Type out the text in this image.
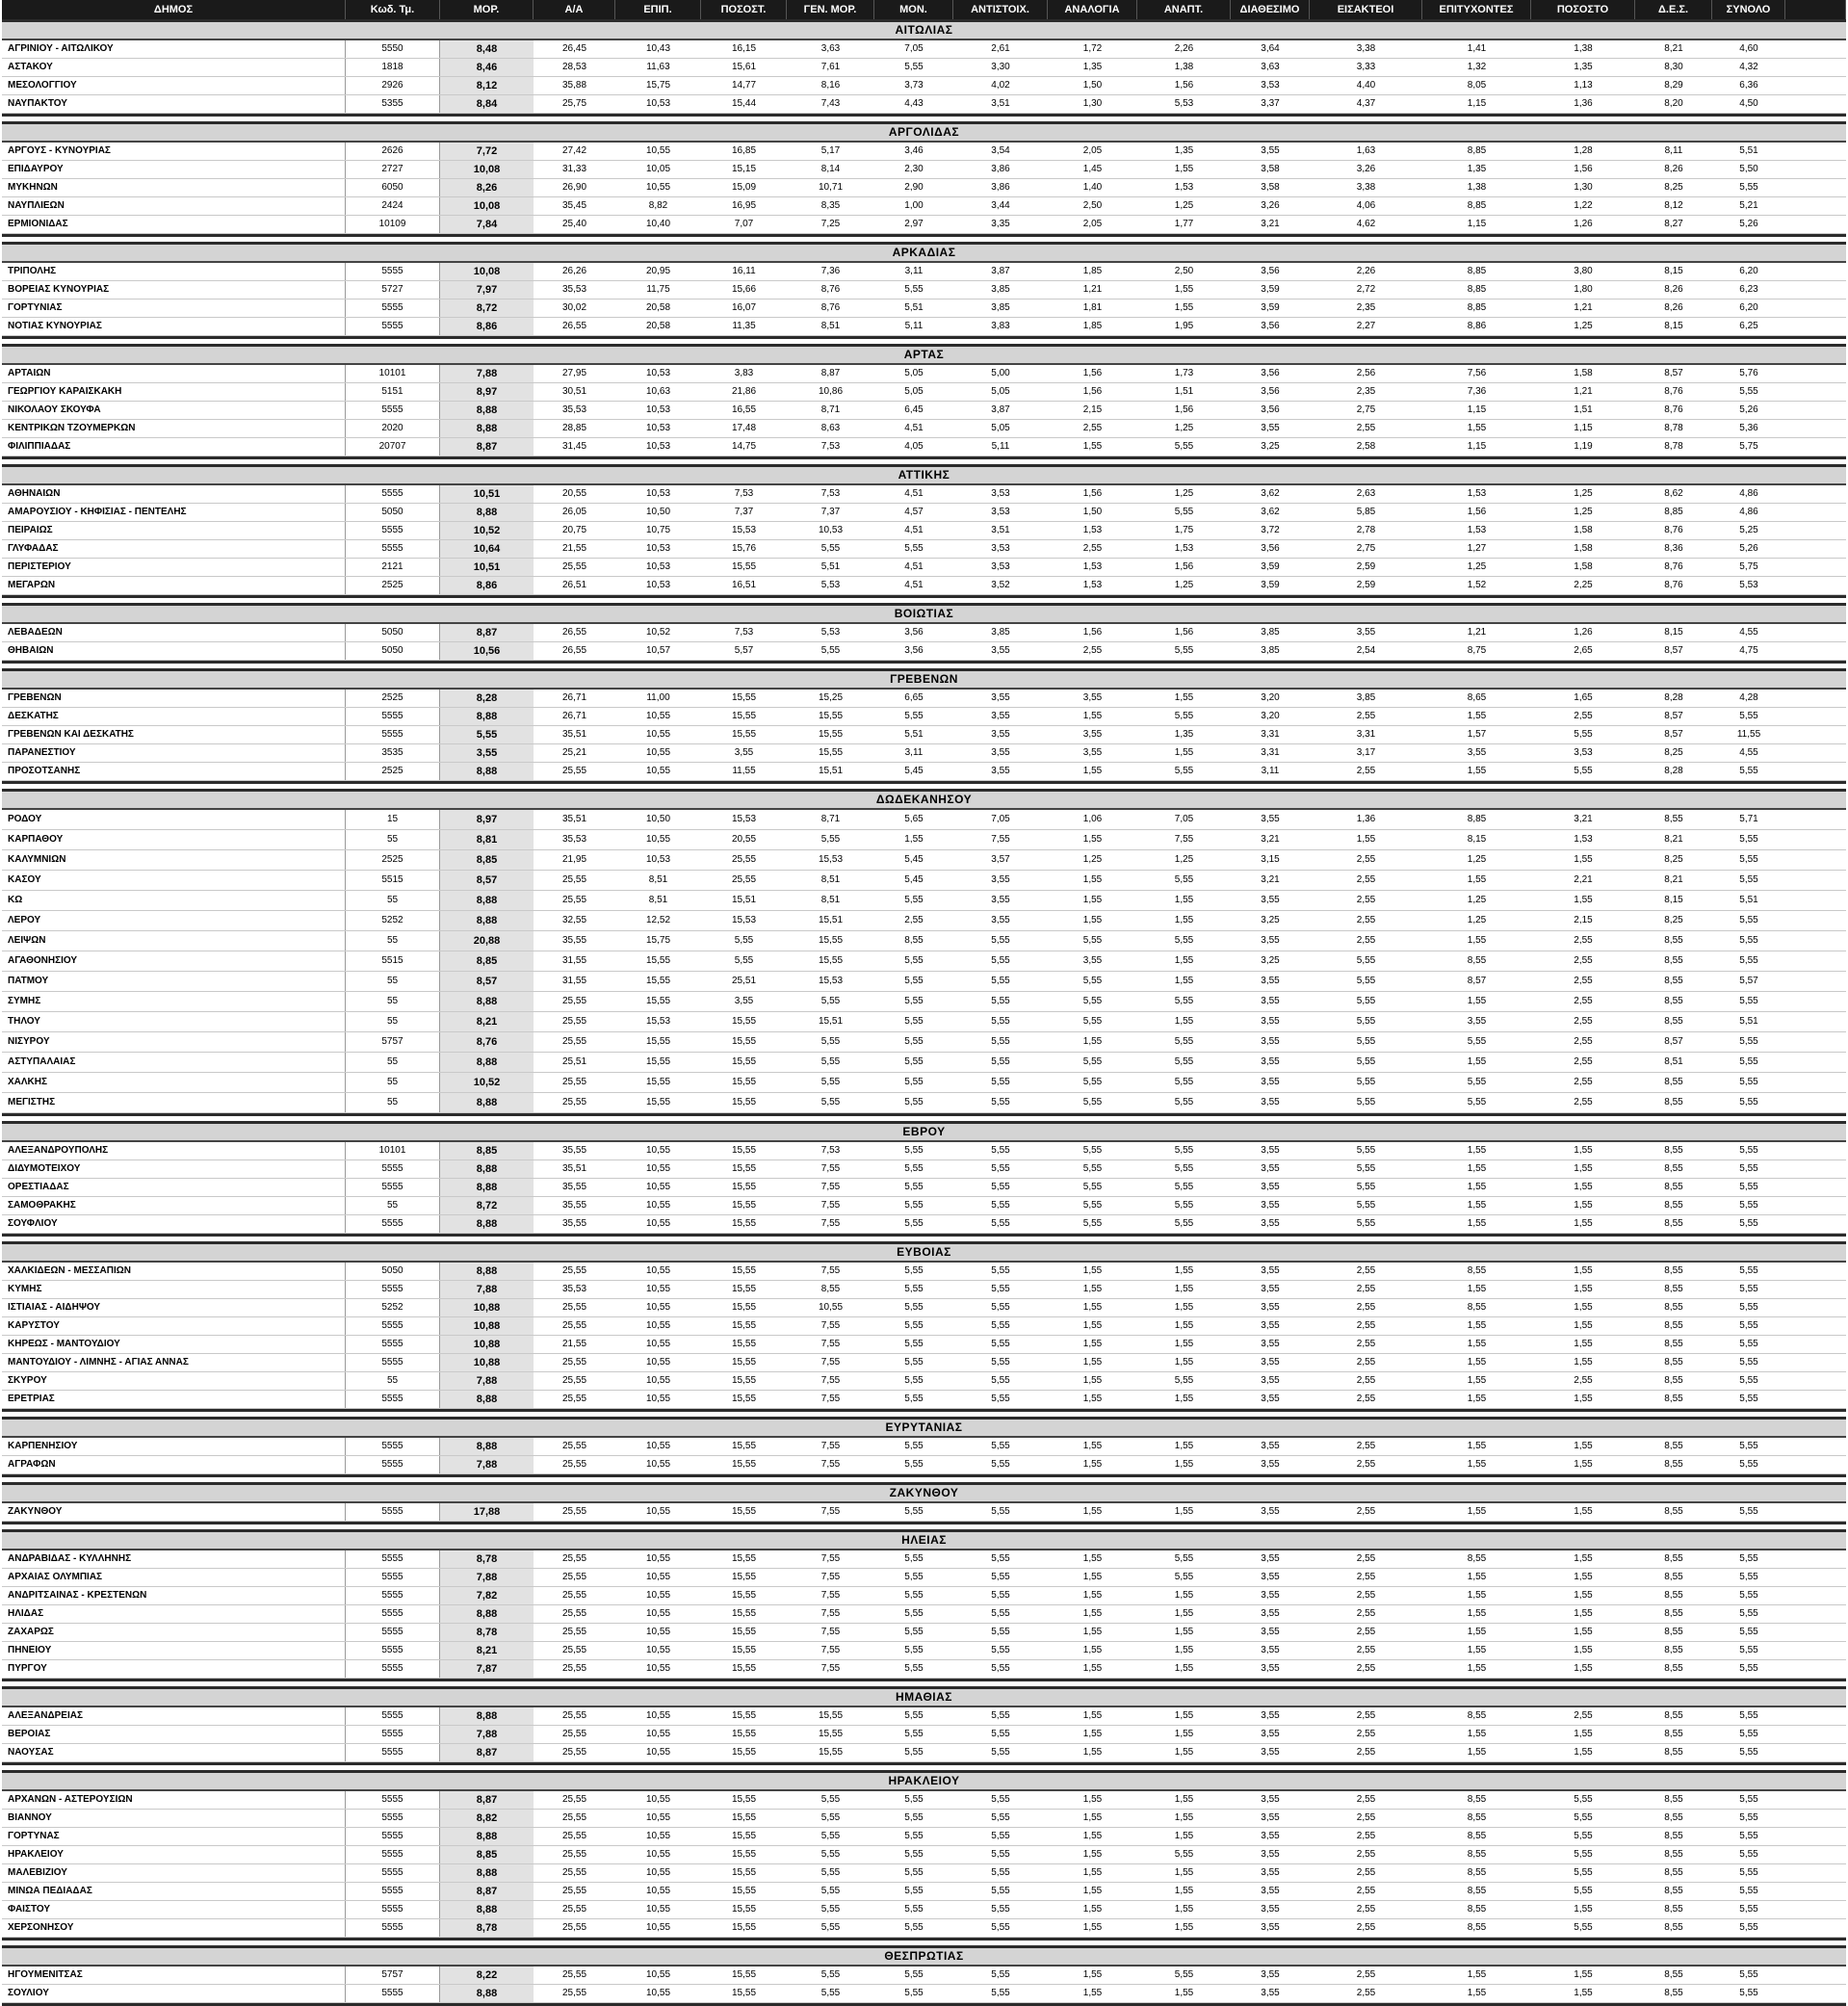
ΔΗΜΟΣ	Κωδ. Τμ.	ΜΟΡ.	Α/Α	ΕΠΙΠ.	ΠΟΣΟΣΤ.	ΓΕΝ. ΜΟΡ.	ΜΟΝ.	ΑΝΤΙΣΤΟΙΧ.	ΑΝΑΛΟΓΙΑ	ΑΝΑΠΤ.	ΔΙΑΘΕΣΙΜΟ	ΕΙΣΑΚΤΕΟΙ	ΕΠΙΤΥΧΟΝΤΕΣ	ΠΟΣΟΣΤΟ	Δ.Ε.Σ.	ΣΥΝΟΛΟ
ΑΙΤΩΛΙΑΣ
ΑΓΡΙΝΙΟΥ - ΑΙΤΩΛΙΚΟΥ	5550	8,48	26,45	10,43	16,15	3,63	7,05	2,61	1,72	2,26	3,64	3,38	1,41	1,38	8,21	4,60
ΑΣΤΑΚΟΥ	1818	8,46	28,53	11,63	15,61	7,61	5,55	3,30	1,35	1,38	3,63	3,33	1,32	1,35	8,30	4,32
ΜΕΣΟΛΟΓΓΙΟΥ	2926	8,12	35,88	15,75	14,77	8,16	3,73	4,02	1,50	1,56	3,53	4,40	8,05	1,13	8,29	6,36
ΝΑΥΠΑΚΤΟΥ	5355	8,84	25,75	10,53	15,44	7,43	4,43	3,51	1,30	5,53	3,37	4,37	1,15	1,36	8,20	4,50
ΑΡΓΟΛΙΔΑΣ
ΑΡΓΟΥΣ - ΚΥΝΟΥΡΙΑΣ	2626	7,72	27,42	10,55	16,85	5,17	3,46	3,54	2,05	1,35	3,55	1,63	8,85	1,28	8,11	5,51
ΕΠΙΔΑΥΡΟΥ	2727	10,08	31,33	10,05	15,15	8,14	2,30	3,86	1,45	1,55	3,58	3,26	1,35	1,56	8,26	5,50
ΜΥΚΗΝΩΝ	6050	8,26	26,90	10,55	15,09	10,71	2,90	3,86	1,40	1,53	3,58	3,38	1,38	1,30	8,25	5,55
ΝΑΥΠΛΙΕΩΝ	2424	10,08	35,45	8,82	16,95	8,35	1,00	3,44	2,50	1,25	3,26	4,06	8,85	1,22	8,12	5,21
ΕΡΜΙΟΝΙΔΑΣ	10109	7,84	25,40	10,40	7,07	7,25	2,97	3,35	2,05	1,77	3,21	4,62	1,15	1,26	8,27	5,26
ΑΡΚΑΔΙΑΣ
ΤΡΙΠΟΛΗΣ	5555	10,08	26,26	20,95	16,11	7,36	3,11	3,87	1,85	2,50	3,56	2,26	8,85	3,80	8,15	6,20
ΒΟΡΕΙΑΣ ΚΥΝΟΥΡΙΑΣ	5727	7,97	35,53	11,75	15,66	8,76	5,55	3,85	1,21	1,55	3,59	2,72	8,85	1,80	8,26	6,23
ΓΟΡΤΥΝΙΑΣ	5555	8,72	30,02	20,58	16,07	8,76	5,51	3,85	1,81	1,55	3,59	2,35	8,85	1,21	8,26	6,20
ΝΟΤΙΑΣ ΚΥΝΟΥΡΙΑΣ	5555	8,86	26,55	20,58	11,35	8,51	5,11	3,83	1,85	1,95	3,56	2,27	8,86	1,25	8,15	6,25
ΑΡΤΑΣ
ΑΡΤΑΙΩΝ	10101	7,88	27,95	10,53	3,83	8,87	5,05	5,00	1,56	1,73	3,56	2,56	7,56	1,58	8,57	5,76
ΓΕΩΡΓΙΟΥ ΚΑΡΑΙΣΚΑΚΗ	5151	8,97	30,51	10,63	21,86	10,86	5,05	5,05	1,56	1,51	3,56	2,35	7,36	1,21	8,76	5,55
ΝΙΚΟΛΑΟΥ ΣΚΟΥΦΑ	5555	8,88	35,53	10,53	16,55	8,71	6,45	3,87	2,15	1,56	3,56	2,75	1,15	1,51	8,76	5,26
ΚΕΝΤΡΙΚΩΝ ΤΖΟΥΜΕΡΚΩΝ	2020	8,88	28,85	10,53	17,48	8,63	4,51	5,05	2,55	1,25	3,55	2,55	1,55	1,15	8,78	5,36
ΦΙΛΙΠΠΙΑΔΑΣ	20707	8,87	31,45	10,53	14,75	7,53	4,05	5,11	1,55	5,55	3,25	2,58	1,15	1,19	8,78	5,75
ΑΤΤΙΚΗΣ
ΑΘΗΝΑΙΩΝ	5555	10,51	20,55	10,53	7,53	7,53	4,51	3,53	1,56	1,25	3,62	2,63	1,53	1,25	8,62	4,86
ΑΜΑΡΟΥΣΙΟΥ - ΚΗΦΙΣΙΑΣ - ΠΕΝΤΕΛΗΣ	5050	8,88	26,05	10,50	7,37	7,37	4,57	3,53	1,50	5,55	3,62	5,85	1,56	1,25	8,85	4,86
ΠΕΙΡΑΙΩΣ	5555	10,52	20,75	10,75	15,53	10,53	4,51	3,51	1,53	1,75	3,72	2,78	1,53	1,58	8,76	5,25
ΓΛΥΦΑΔΑΣ	5555	10,64	21,55	10,53	15,76	5,55	5,55	3,53	2,55	1,53	3,56	2,75	1,27	1,58	8,36	5,26
ΠΕΡΙΣΤΕΡΙΟΥ	2121	10,51	25,55	10,53	15,55	5,51	4,51	3,53	1,53	1,56	3,59	2,59	1,25	1,58	8,76	5,75
ΜΕΓΑΡΩΝ	2525	8,86	26,51	10,53	16,51	5,53	4,51	3,52	1,53	1,25	3,59	2,59	1,52	2,25	8,76	5,53
ΒΟΙΩΤΙΑΣ
ΛΕΒΑΔΕΩΝ	5050	8,87	26,55	10,52	7,53	5,53	3,56	3,85	1,56	1,56	3,85	3,55	1,21	1,26	8,15	4,55
ΘΗΒΑΙΩΝ	5050	10,56	26,55	10,57	5,57	5,55	3,56	3,55	2,55	5,55	3,85	2,54	8,75	2,65	8,57	4,75
ΓΡΕΒΕΝΩΝ
ΓΡΕΒΕΝΩΝ	2525	8,28	26,71	11,00	15,55	15,25	6,65	3,55	3,55	1,55	3,20	3,85	8,65	1,65	8,28	4,28
ΔΕΣΚΑΤΗΣ	5555	8,88	26,71	10,55	15,55	15,55	5,55	3,55	1,55	5,55	3,20	2,55	1,55	2,55	8,57	5,55
ΓΡΕΒΕΝΩΝ ΚΑΙ ΔΕΣΚΑΤΗΣ	5555	5,55	35,51	10,55	15,55	15,55	5,51	3,55	3,55	1,35	3,31	3,31	1,57	5,55	8,57	11,55
ΠΑΡΑΝΕΣΤΙΟΥ	3535	3,55	25,21	10,55	3,55	15,55	3,11	3,55	3,55	1,55	3,31	3,17	3,55	3,53	8,25	4,55
ΠΡΟΣΟΤΣΑΝΗΣ	2525	8,88	25,55	10,55	11,55	15,51	5,45	3,55	1,55	5,55	3,11	2,55	1,55	5,55	8,28	5,55
ΔΩΔΕΚΑΝΗΣΟΥ
ΡΟΔΟΥ	15	8,97	35,51	10,50	15,53	8,71	5,65	7,05	1,06	7,05	3,55	1,36	8,85	3,21	8,55	5,71
ΚΑΡΠΑΘΟΥ	55	8,81	35,53	10,55	20,55	5,55	1,55	7,55	1,55	7,55	3,21	1,55	8,15	1,53	8,21	5,55
ΚΑΛΥΜΝΙΩΝ	2525	8,85	21,95	10,53	25,55	15,53	5,45	3,57	1,25	1,25	3,15	2,55	1,25	1,55	8,25	5,55
ΚΑΣΟΥ	5515	8,57	25,55	8,51	25,55	8,51	5,45	3,55	1,55	5,55	3,21	2,55	1,55	2,21	8,21	5,55
ΚΩ	55	8,88	25,55	8,51	15,51	8,51	5,55	3,55	1,55	1,55	3,55	2,55	1,25	1,55	8,15	5,51
ΛΕΡΟΥ	5252	8,88	32,55	12,52	15,53	15,51	2,55	3,55	1,55	1,55	3,25	2,55	1,25	2,15	8,25	5,55
ΛΕΙΨΩΝ	55	20,88	35,55	15,75	5,55	15,55	8,55	5,55	5,55	5,55	3,55	2,55	1,55	2,55	8,55	5,55
ΑΓΑΘΟΝΗΣΙΟΥ	5515	8,85	31,55	15,55	5,55	15,55	5,55	5,55	3,55	1,55	3,25	5,55	8,55	2,55	8,55	5,55
ΠΑΤΜΟΥ	55	8,57	31,55	15,55	25,51	15,53	5,55	5,55	5,55	1,55	3,55	5,55	8,57	2,55	8,55	5,57
ΣΥΜΗΣ	55	8,88	25,55	15,55	3,55	5,55	5,55	5,55	5,55	5,55	3,55	5,55	1,55	2,55	8,55	5,55
ΤΗΛΟΥ	55	8,21	25,55	15,53	15,55	15,51	5,55	5,55	5,55	1,55	3,55	5,55	3,55	2,55	8,55	5,51
ΝΙΣΥΡΟΥ	5757	8,76	25,55	15,55	15,55	5,55	5,55	5,55	1,55	5,55	3,55	5,55	5,55	2,55	8,57	5,55
ΑΣΤΥΠΑΛΑΙΑΣ	55	8,88	25,51	15,55	15,55	5,55	5,55	5,55	5,55	5,55	3,55	5,55	1,55	2,55	8,51	5,55
ΧΑΛΚΗΣ	55	10,52	25,55	15,55	15,55	5,55	5,55	5,55	5,55	5,55	3,55	5,55	5,55	2,55	8,55	5,55
ΜΕΓΙΣΤΗΣ	55	8,88	25,55	15,55	15,55	5,55	5,55	5,55	5,55	5,55	3,55	5,55	5,55	2,55	8,55	5,55
ΕΒΡΟΥ
ΑΛΕΞΑΝΔΡΟΥΠΟΛΗΣ	10101	8,85	35,55	10,55	15,55	7,53	5,55	5,55	5,55	5,55	3,55	5,55	1,55	1,55	8,55	5,55
ΔΙΔΥΜΟΤΕΙΧΟΥ	5555	8,88	35,51	10,55	15,55	7,55	5,55	5,55	5,55	5,55	3,55	5,55	1,55	1,55	8,55	5,55
ΟΡΕΣΤΙΑΔΑΣ	5555	8,88	35,55	10,55	15,55	7,55	5,55	5,55	5,55	5,55	3,55	5,55	1,55	1,55	8,55	5,55
ΣΑΜΟΘΡΑΚΗΣ	55	8,72	35,55	10,55	15,55	7,55	5,55	5,55	5,55	5,55	3,55	5,55	1,55	1,55	8,55	5,55
ΣΟΥΦΛΙΟΥ	5555	8,88	35,55	10,55	15,55	7,55	5,55	5,55	5,55	5,55	3,55	5,55	1,55	1,55	8,55	5,55
ΕΥΒΟΙΑΣ
ΧΑΛΚΙΔΕΩΝ - ΜΕΣΣΑΠΙΩΝ	5050	8,88	25,55	10,55	15,55	7,55	5,55	5,55	1,55	1,55	3,55	2,55	8,55	1,55	8,55	5,55
ΚΥΜΗΣ	5555	7,88	35,53	10,55	15,55	8,55	5,55	5,55	1,55	1,55	3,55	2,55	1,55	1,55	8,55	5,55
ΙΣΤΙΑΙΑΣ - ΑΙΔΗΨΟΥ	5252	10,88	25,55	10,55	15,55	10,55	5,55	5,55	1,55	1,55	3,55	2,55	8,55	1,55	8,55	5,55
ΚΑΡΥΣΤΟΥ	5555	10,88	25,55	10,55	15,55	7,55	5,55	5,55	1,55	1,55	3,55	2,55	1,55	1,55	8,55	5,55
ΚΗΡΕΩΣ - ΜΑΝΤΟΥΔΙΟΥ	5555	10,88	21,55	10,55	15,55	7,55	5,55	5,55	1,55	1,55	3,55	2,55	1,55	1,55	8,55	5,55
ΜΑΝΤΟΥΔΙΟΥ - ΛΙΜΝΗΣ - ΑΓΙΑΣ ΑΝΝΑΣ	5555	10,88	25,55	10,55	15,55	7,55	5,55	5,55	1,55	1,55	3,55	2,55	1,55	1,55	8,55	5,55
ΣΚΥΡΟΥ	55	7,88	25,55	10,55	15,55	7,55	5,55	5,55	1,55	5,55	3,55	2,55	1,55	2,55	8,55	5,55
ΕΡΕΤΡΙΑΣ	5555	8,88	25,55	10,55	15,55	7,55	5,55	5,55	1,55	1,55	3,55	2,55	1,55	1,55	8,55	5,55
ΕΥΡΥΤΑΝΙΑΣ
ΚΑΡΠΕΝΗΣΙΟΥ	5555	8,88	25,55	10,55	15,55	7,55	5,55	5,55	1,55	1,55	3,55	2,55	1,55	1,55	8,55	5,55
ΑΓΡΑΦΩΝ	5555	7,88	25,55	10,55	15,55	7,55	5,55	5,55	1,55	1,55	3,55	2,55	1,55	1,55	8,55	5,55
ΖΑΚΥΝΘΟΥ
ΖΑΚΥΝΘΟΥ	5555	17,88	25,55	10,55	15,55	7,55	5,55	5,55	1,55	1,55	3,55	2,55	1,55	1,55	8,55	5,55
ΗΛΕΙΑΣ
ΑΝΔΡΑΒΙΔΑΣ - ΚΥΛΛΗΝΗΣ	5555	8,78	25,55	10,55	15,55	7,55	5,55	5,55	1,55	5,55	3,55	2,55	8,55	1,55	8,55	5,55
ΑΡΧΑΙΑΣ ΟΛΥΜΠΙΑΣ	5555	7,88	25,55	10,55	15,55	7,55	5,55	5,55	1,55	5,55	3,55	2,55	1,55	1,55	8,55	5,55
ΑΝΔΡΙΤΣΑΙΝΑΣ - ΚΡΕΣΤΕΝΩΝ	5555	7,82	25,55	10,55	15,55	7,55	5,55	5,55	1,55	1,55	3,55	2,55	1,55	1,55	8,55	5,55
ΗΛΙΔΑΣ	5555	8,88	25,55	10,55	15,55	7,55	5,55	5,55	1,55	1,55	3,55	2,55	1,55	1,55	8,55	5,55
ΖΑΧΑΡΩΣ	5555	8,78	25,55	10,55	15,55	7,55	5,55	5,55	1,55	1,55	3,55	2,55	1,55	1,55	8,55	5,55
ΠΗΝΕΙΟΥ	5555	8,21	25,55	10,55	15,55	7,55	5,55	5,55	1,55	1,55	3,55	2,55	1,55	1,55	8,55	5,55
ΠΥΡΓΟΥ	5555	7,87	25,55	10,55	15,55	7,55	5,55	5,55	1,55	1,55	3,55	2,55	1,55	1,55	8,55	5,55
ΗΜΑΘΙΑΣ
ΑΛΕΞΑΝΔΡΕΙΑΣ	5555	8,88	25,55	10,55	15,55	15,55	5,55	5,55	1,55	1,55	3,55	2,55	8,55	2,55	8,55	5,55
ΒΕΡΟΙΑΣ	5555	7,88	25,55	10,55	15,55	15,55	5,55	5,55	1,55	1,55	3,55	2,55	1,55	1,55	8,55	5,55
ΝΑΟΥΣΑΣ	5555	8,87	25,55	10,55	15,55	15,55	5,55	5,55	1,55	1,55	3,55	2,55	1,55	1,55	8,55	5,55
ΗΡΑΚΛΕΙΟΥ
ΑΡΧΑΝΩΝ - ΑΣΤΕΡΟΥΣΙΩΝ	5555	8,87	25,55	10,55	15,55	5,55	5,55	5,55	1,55	1,55	3,55	2,55	8,55	5,55	8,55	5,55
ΒΙΑΝΝΟΥ	5555	8,82	25,55	10,55	15,55	5,55	5,55	5,55	1,55	1,55	3,55	2,55	8,55	5,55	8,55	5,55
ΓΟΡΤΥΝΑΣ	5555	8,88	25,55	10,55	15,55	5,55	5,55	5,55	1,55	1,55	3,55	2,55	8,55	5,55	8,55	5,55
ΗΡΑΚΛΕΙΟΥ	5555	8,85	25,55	10,55	15,55	5,55	5,55	5,55	1,55	5,55	3,55	2,55	8,55	5,55	8,55	5,55
ΜΑΛΕΒΙΖΙΟΥ	5555	8,88	25,55	10,55	15,55	5,55	5,55	5,55	1,55	1,55	3,55	2,55	8,55	5,55	8,55	5,55
ΜΙΝΩΑ ΠΕΔΙΑΔΑΣ	5555	8,87	25,55	10,55	15,55	5,55	5,55	5,55	1,55	1,55	3,55	2,55	8,55	5,55	8,55	5,55
ΦΑΙΣΤΟΥ	5555	8,88	25,55	10,55	15,55	5,55	5,55	5,55	1,55	1,55	3,55	2,55	8,55	1,55	8,55	5,55
ΧΕΡΣΟΝΗΣΟΥ	5555	8,78	25,55	10,55	15,55	5,55	5,55	5,55	1,55	1,55	3,55	2,55	8,55	5,55	8,55	5,55
ΘΕΣΠΡΩΤΙΑΣ
ΗΓΟΥΜΕΝΙΤΣΑΣ	5757	8,22	25,55	10,55	15,55	5,55	5,55	5,55	1,55	5,55	3,55	2,55	1,55	1,55	8,55	5,55
ΣΟΥΛΙΟΥ	5555	8,88	25,55	10,55	15,55	5,55	5,55	5,55	1,55	1,55	3,55	2,55	1,55	1,55	8,55	5,55
